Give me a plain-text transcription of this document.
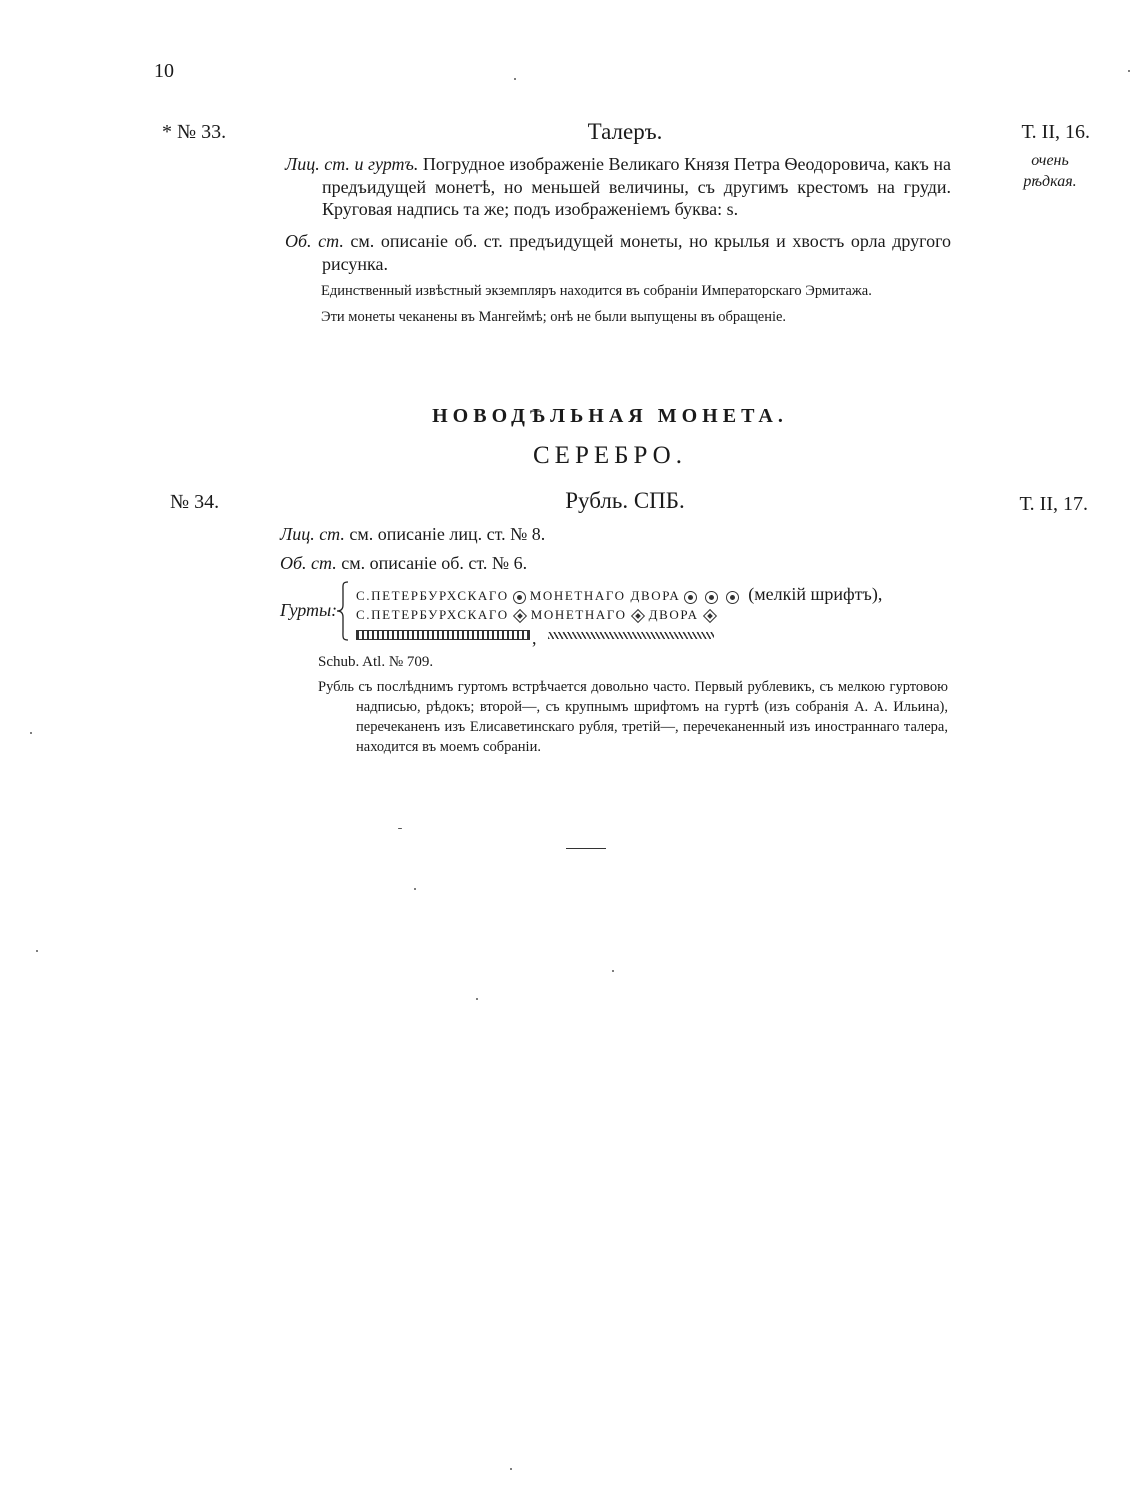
10
* № 33.	Талеръ.	Т. II, 16.
очень
рѣдкая.
Лиц. ст. и гуртъ. Погрудное изображеніе Великаго Князя Петра Ѳеодоровича, какъ на предъидущей монетѣ, но меньшей величины, съ другимъ крестомъ на груди. Круговая надпись та же; подъ изображеніемъ буква: s.
Об. ст. см. описаніе об. ст. предъидущей монеты, но крылья и хвостъ орла другого рисунка.
Единственный извѣстный экземпляръ находится въ собраніи Императорскаго Эрмитажа.
Эти монеты чеканены въ Мангеймѣ; онѣ не были выпущены въ обращеніе.
НОВОДѢЛЬНАЯ МОНЕТА.
СЕРЕБРО.
№ 34.	Рубль. СПБ.	Т. II, 17.
Лиц. ст. см. описаніе лиц. ст. № 8.
Об. ст. см. описаніе об. ст. № 6.
Гурты:
С.ПЕТЕРБУРХСКАГО МОНЕТНАГО ДВОРА	(мелкій шрифтъ),
С.ПЕТЕРБУРХСКАГО МОНЕТНАГО ДВОРА
,
Schub. Atl. № 709.
Рубль съ послѣднимъ гуртомъ встрѣчается довольно часто. Первый рублевикъ, съ мелкою гуртовою надписью, рѣдокъ; второй—, съ крупнымъ шрифтомъ на гуртѣ (изъ собранія А. А. Ильина), перечеканенъ изъ Елисаветинскаго рубля, третій—, перечеканенный изъ иностраннаго талера, находится въ моемъ собраніи.
